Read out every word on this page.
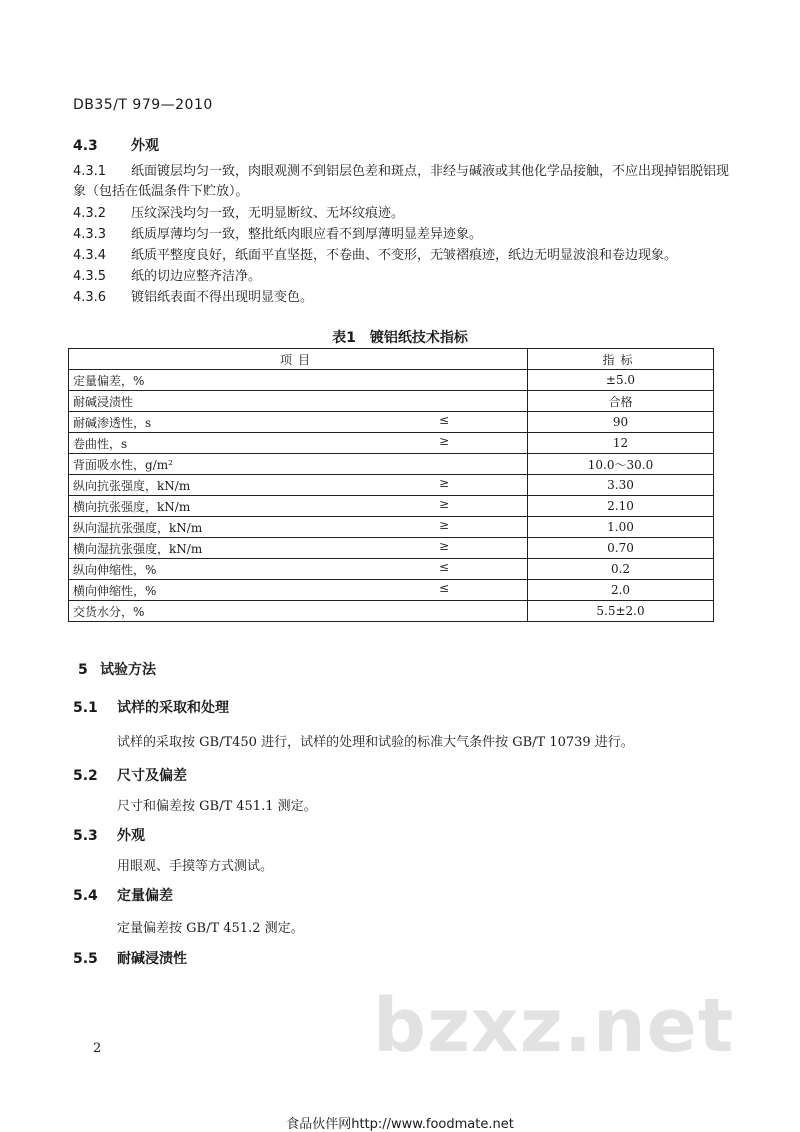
DB35/T 979—2010
4.3 外观
4.3.1 纸面镀层均匀一致，肉眼观测不到铝层色差和斑点，非经与碱液或其他化学品接触，不应出现掉铝脱铝现象（包括在低温条件下贮放）。
4.3.2 压纹深浅均匀一致，无明显断纹、无坏纹痕迹。
4.3.3 纸质厚薄均匀一致，整批纸肉眼应看不到厚薄明显差异迹象。
4.3.4 纸质平整度良好，纸面平直坚挺，不卷曲、不变形，无皱褶痕迹，纸边无明显波浪和卷边现象。
4.3.5 纸的切边应整齐洁净。
4.3.6 镀铝纸表面不得出现明显变色。
表1　镀铝纸技术指标
项目	指标
定量偏差，%	±5.0
耐碱浸渍性	合格
耐碱渗透性，s ≤	90
卷曲性，s ≥	12
背面吸水性，g/m²	10.0～30.0
纵向抗张强度，kN/m ≥	3.30
横向抗张强度，kN/m ≥	2.10
纵向湿抗张强度，kN/m ≥	1.00
横向湿抗张强度，kN/m ≥	0.70
纵向伸缩性，% ≤	0.2
横向伸缩性，% ≤	2.0
交货水分，%	5.5±2.0
5 试验方法
5.1 试样的采取和处理
试样的采取按 GB/T450 进行，试样的处理和试验的标准大气条件按 GB/T 10739 进行。
5.2 尺寸及偏差
尺寸和偏差按 GB/T 451.1 测定。
5.3 外观
用眼观、手摸等方式测试。
5.4 定量偏差
定量偏差按 GB/T 451.2 测定。
5.5 耐碱浸渍性
bzxz.net
2
食品伙伴网http://www.foodmate.net
